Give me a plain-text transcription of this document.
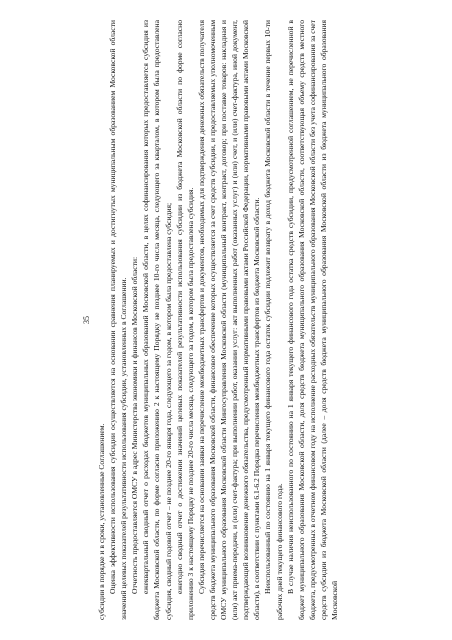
35

субсидии в порядке и в сроки, установленные Соглашением. Оценка эффективности использования субсидии осуществляется на основании сравнения планируемых и достигнутых муниципальным образованием Московской области значений целевых показателей результативности использования субсидии, установленных в Соглашении. Отчетность предоставляется ОМСУ в адрес Министерства экономики и финансов Московской области: ежеквартальный сводный отчет о расходах бюджетов муниципальных образований Московской области, в целях софинансирования которых предоставляется субсидия из бюджета Московской области, по форме согласно приложению 2 к настоящему Порядку не позднее 10-го числа месяца, следующего за кварталом, в котором была предоставлена субсидия, сводный годовой отчет – не позднее 20-го января года, следующего за годом, в котором была предоставлена субсидия; ежегодно сводный отчет о достижении значений целевых показателей результативности использования субсидии из бюджета Московской области по форме согласно приложению 3 к настоящему Порядку не позднее 20-го числа месяца, следующего за годом, в котором была предоставлена субсидия. Субсидия перечисляется на основании заявки на перечисление межбюджетных трансфертов и документов, необходимых для подтверждения денежных обязательств получателя средств бюджета муниципального образования Московской области, финансовое обеспечение которых осуществляется за счет средств субсидии, и предоставляемых уполномоченным ОМСУ муниципального образования Московской области Мингосуправления Московской области (муниципальный контракт, контракт, договор; при поставке товаров: накладная и (или) акт приема-передачи, и (или) счет-фактура; при выполнении работ, оказании услуг: акт выполненных работ (оказанных услуг) и (или) счет, и (или) счет-фактура, иной документ, подтверждающий возникновение денежного обязательства, предусмотренный нормативными правовыми актами Российской Федерации, нормативными правовыми актами Московской области), в соответствии с пунктами 6.1-6.2 Порядка перечисления межбюджетных трансфертов из бюджета Московской области. Неиспользованный по состоянию на 1 января текущего финансового года остаток субсидии подлежит возврату в доход бюджета Московской области в течение первых 10-ти рабочих дней текущего финансового года. В случае наличия неиспользованного по состоянию на 1 января текущего финансового года остатка средств субсидии, предусмотренной соглашением, не перечисленной в бюджет муниципального образования Московской области, доля средств бюджета муниципального образования Московской области, соответствующая объему средств местного бюджета, предусмотренных в отчетном финансовом году на исполнение расходных обязательств муниципального образования Московской области без учета софинансирования за счет средств субсидии из бюджета Московской области (далее – доля средств бюджета муниципального образования Московской области из бюджета муниципального образования Московской
